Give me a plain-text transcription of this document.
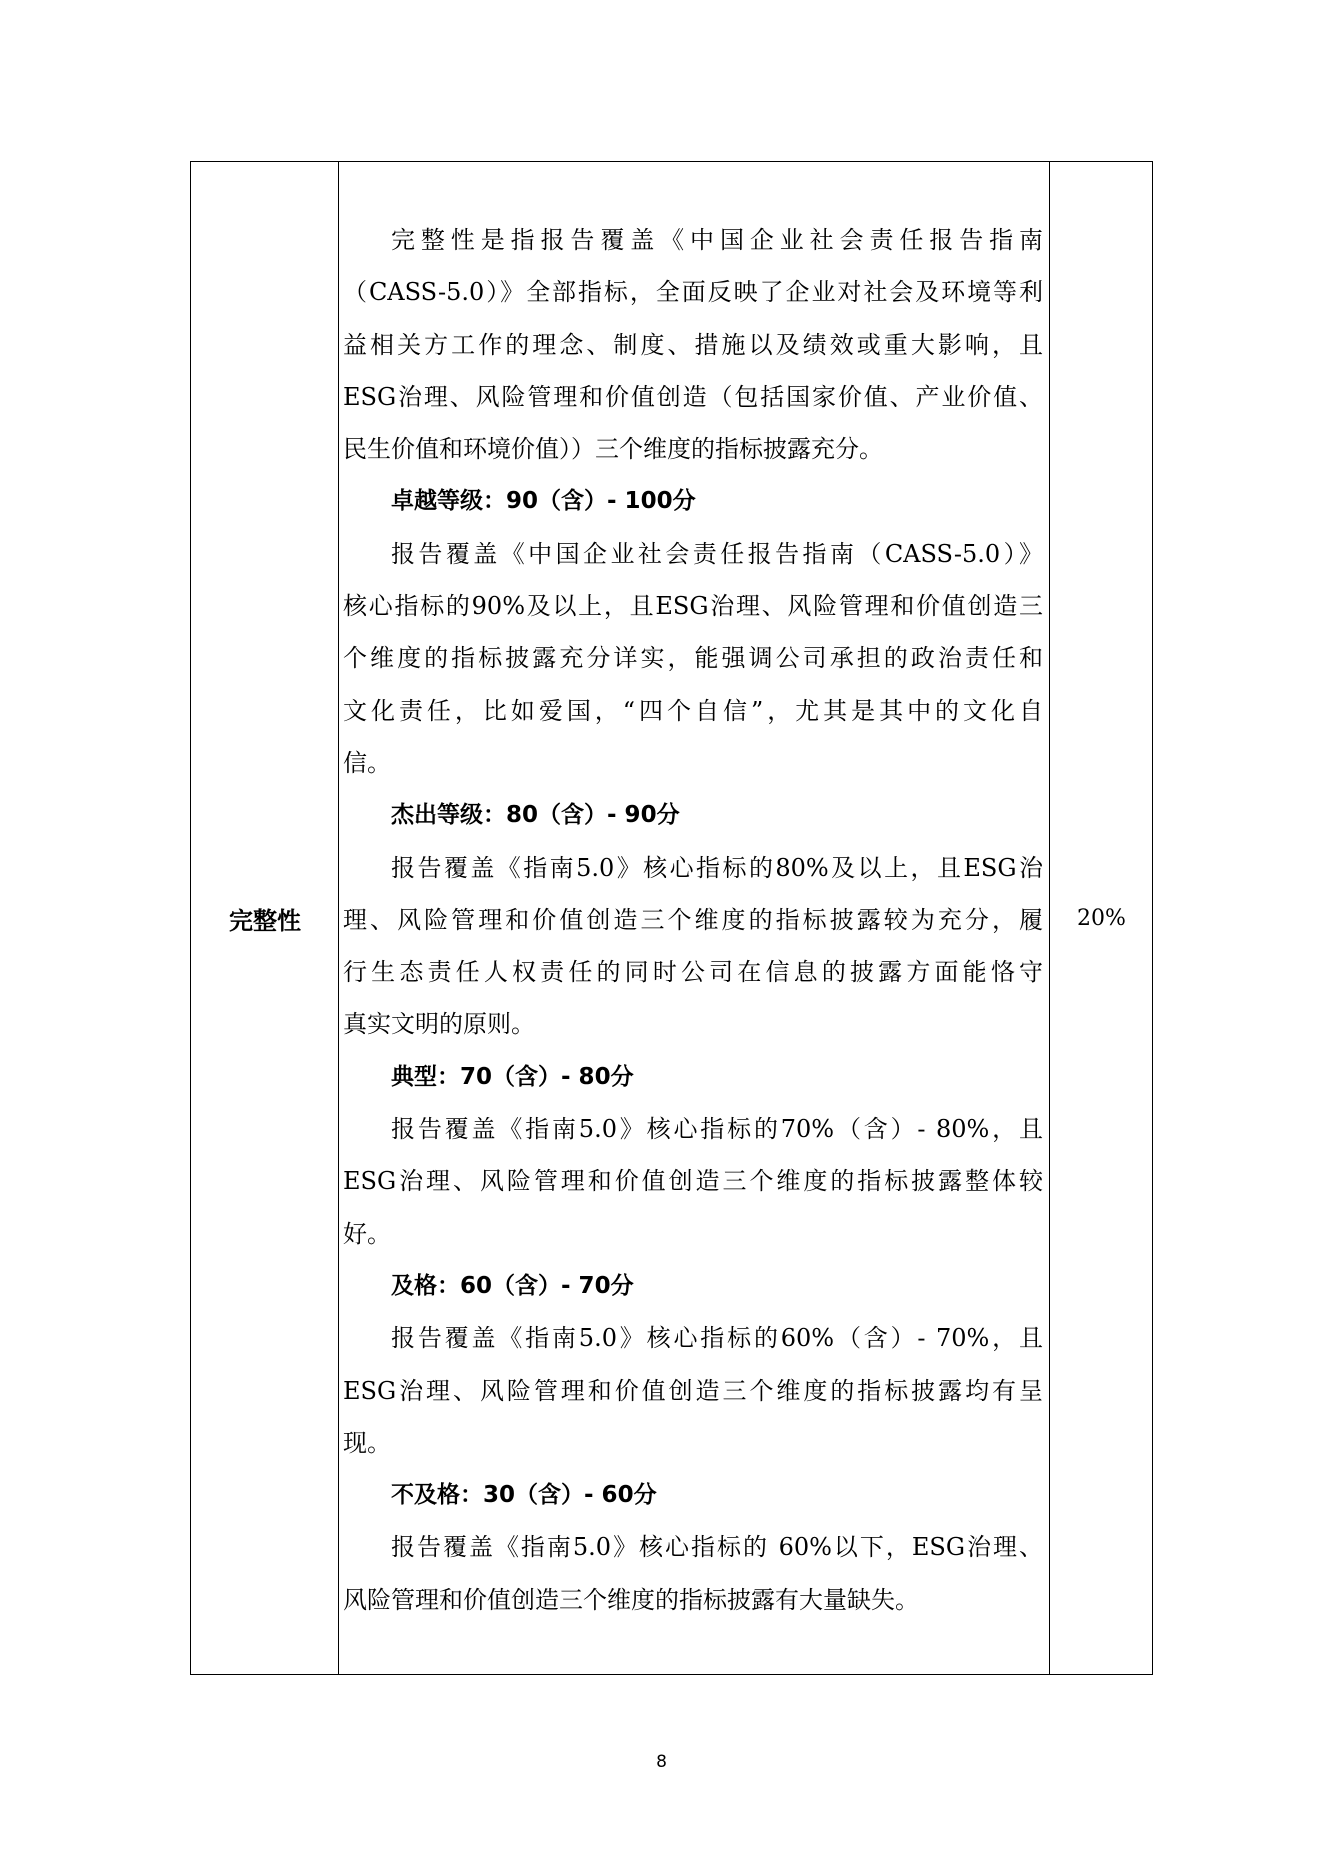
完整性
完整性是指报告覆盖《中国企业社会责任报告指南
（CASS-5.0）》全部指标，全面反映了企业对社会及环境等利
益相关方工作的理念、制度、措施以及绩效或重大影响，且
ESG治理、风险管理和价值创造（包括国家价值、产业价值、
民生价值和环境价值））三个维度的指标披露充分。
卓越等级：90（含）- 100分
报告覆盖《中国企业社会责任报告指南（CASS-5.0）》
核心指标的90%及以上，且ESG治理、风险管理和价值创造三
个维度的指标披露充分详实，能强调公司承担的政治责任和
文化责任，比如爱国，“四个自信”，尤其是其中的文化自
信。
杰出等级：80（含）- 90分
报告覆盖《指南5.0》核心指标的80%及以上，且ESG治
理、风险管理和价值创造三个维度的指标披露较为充分，履
行生态责任人权责任的同时公司在信息的披露方面能恪守
真实文明的原则。
典型：70（含）- 80分
报告覆盖《指南5.0》核心指标的70%（含）- 80%，且
ESG治理、风险管理和价值创造三个维度的指标披露整体较
好。
及格：60（含）- 70分
报告覆盖《指南5.0》核心指标的60%（含）- 70%，且
ESG治理、风险管理和价值创造三个维度的指标披露均有呈
现。
不及格：30（含）- 60分
报告覆盖《指南5.0》核心指标的 60%以下，ESG治理、
风险管理和价值创造三个维度的指标披露有大量缺失。
20%
8
